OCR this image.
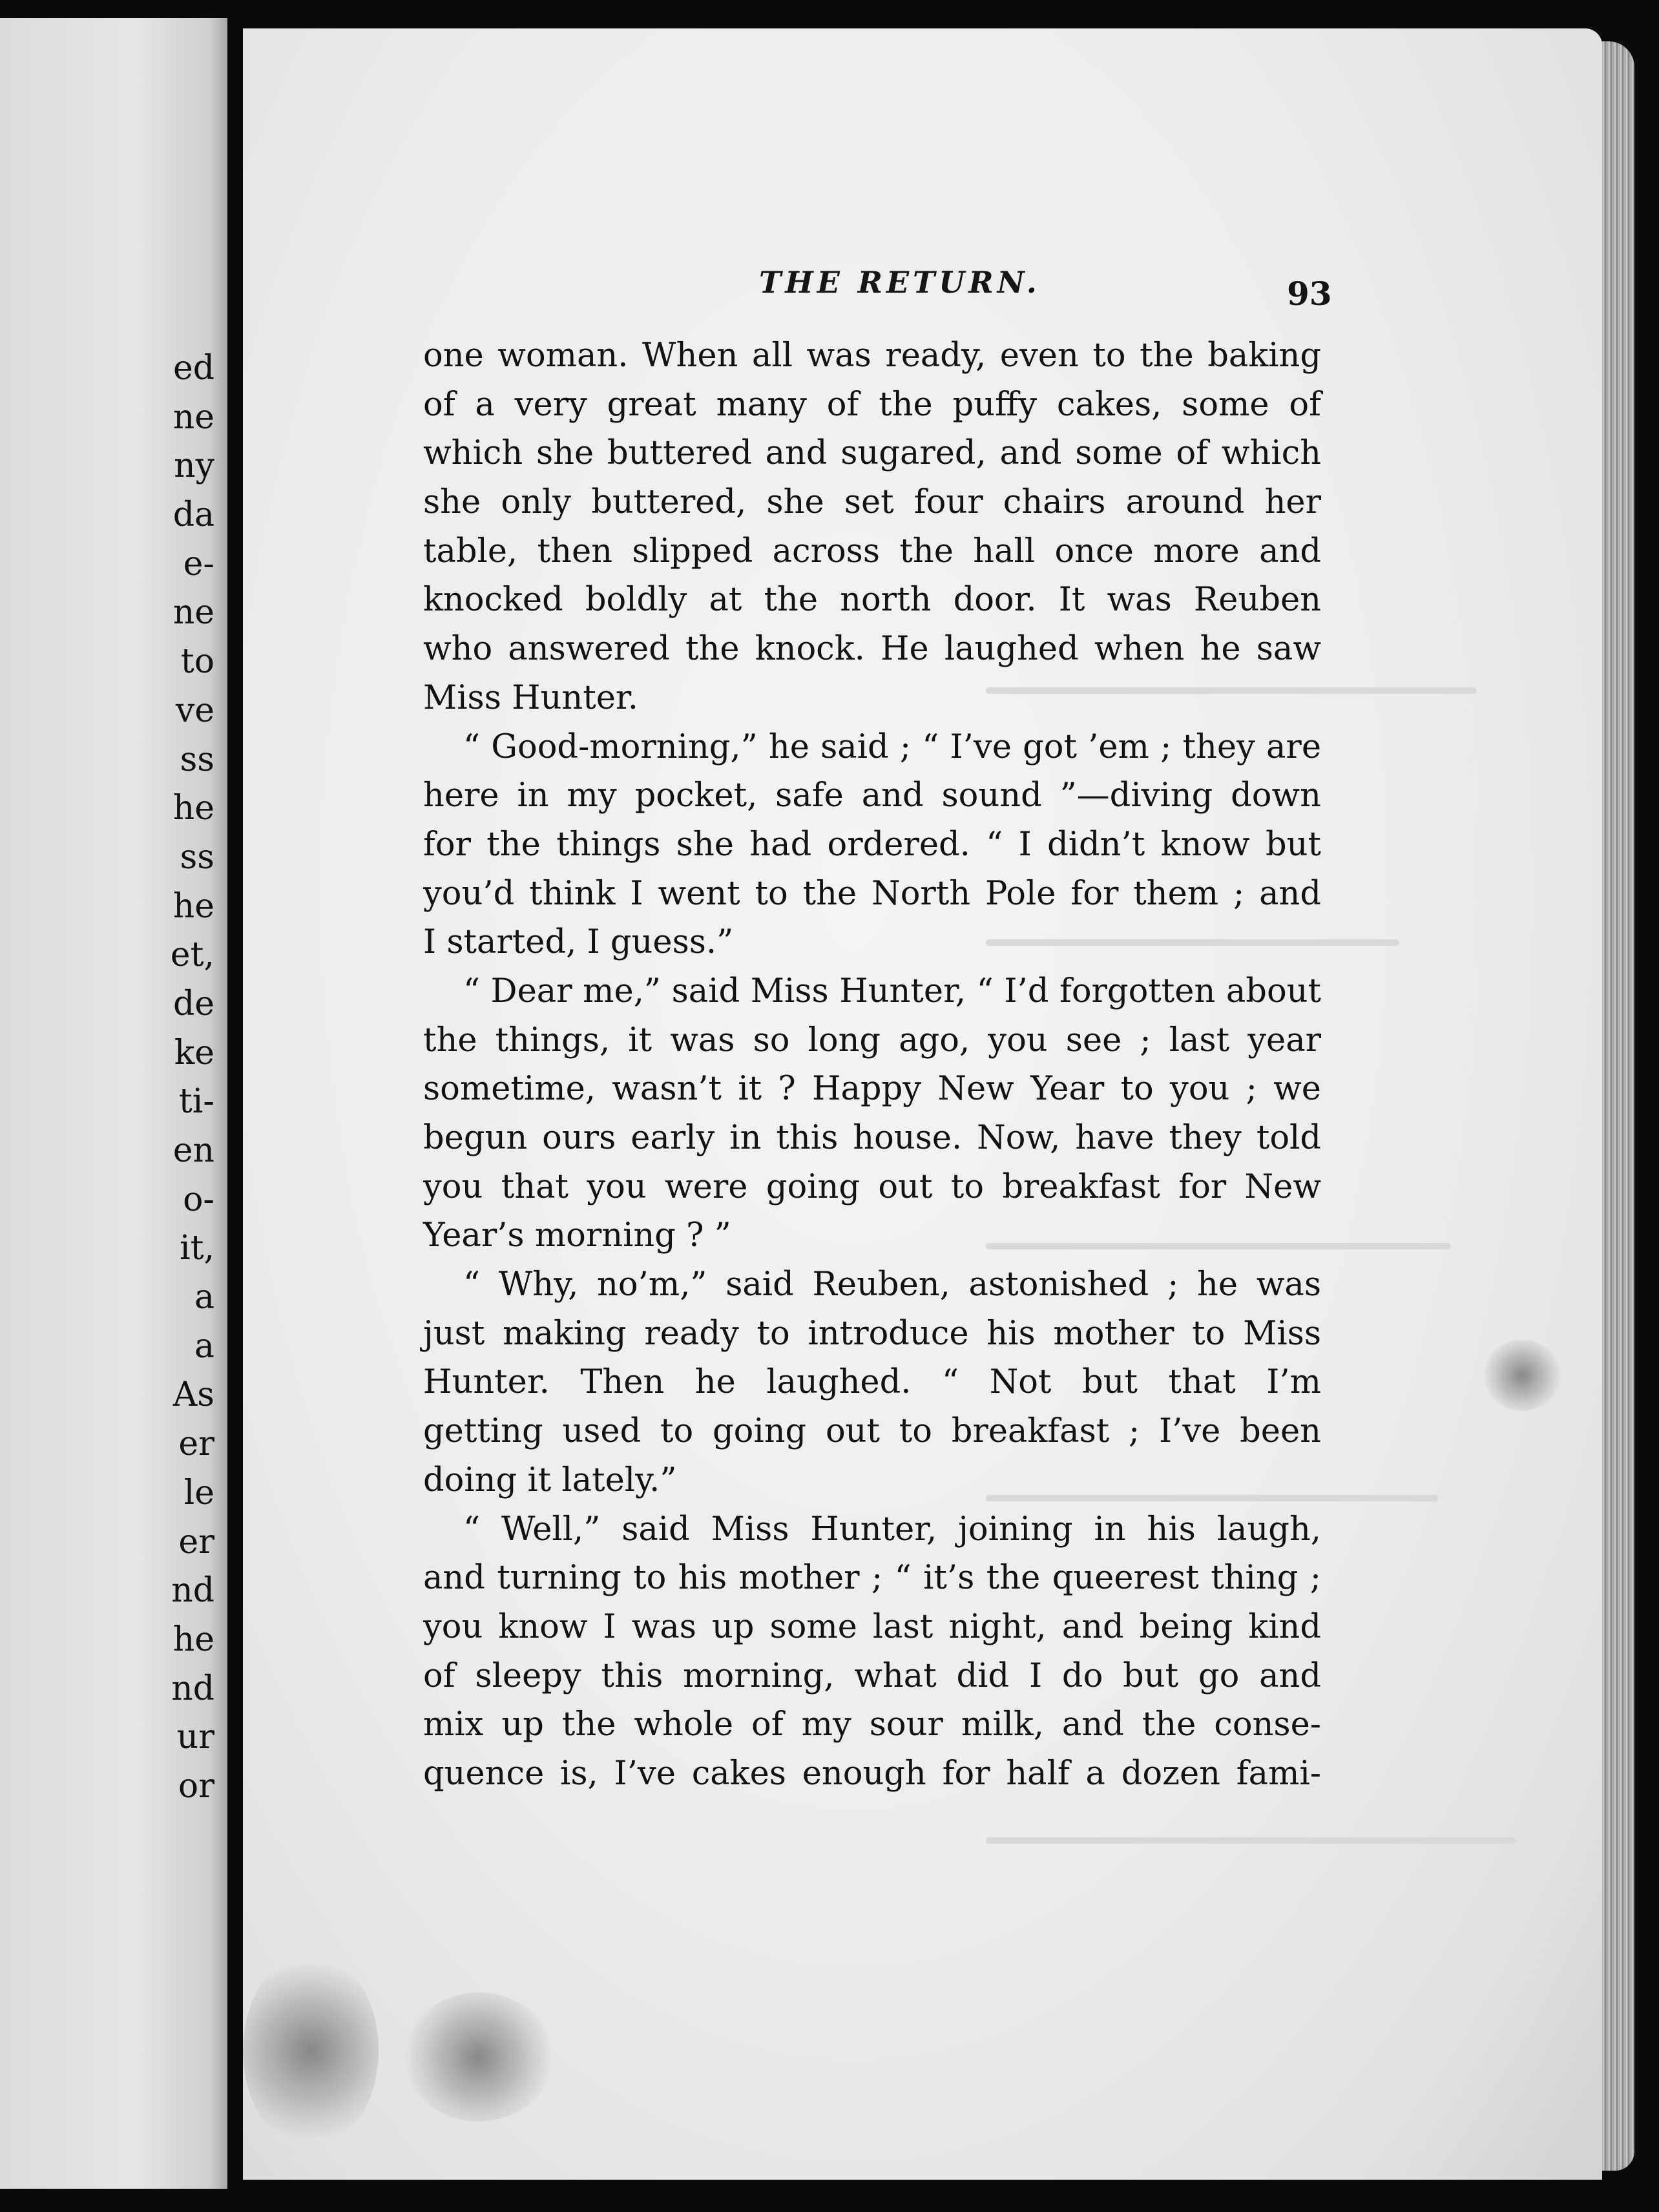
ed
ne
ny
da
e-
ne
to
ve
ss
he
ss
he
et,
de
ke
ti-
en
o-
it,
a
a
As
er
le
er
nd
he
nd
ur
or
THE RETURN.	93
one woman. When all was ready, even to the baking
of a very great many of the puffy cakes, some of
which she buttered and sugared, and some of which
she only buttered, she set four chairs around her
table, then slipped across the hall once more and
knocked boldly at the north door. It was Reuben
who answered the knock. He laughed when he saw
Miss Hunter.
“ Good-morning,” he said ; “ I’ve got ’em ; they are
here in my pocket, safe and sound ”—diving down
for the things she had ordered. “ I didn’t know but
you’d think I went to the North Pole for them ; and
I started, I guess.”
“ Dear me,” said Miss Hunter, “ I’d forgotten about
the things, it was so long ago, you see ; last year
sometime, wasn’t it ? Happy New Year to you ; we
begun ours early in this house. Now, have they told
you that you were going out to breakfast for New
Year’s morning ? ”
“ Why, no’m,” said Reuben, astonished ; he was
just making ready to introduce his mother to Miss
Hunter. Then he laughed. “ Not but that I’m
getting used to going out to breakfast ; I’ve been
doing it lately.”
“ Well,” said Miss Hunter, joining in his laugh,
and turning to his mother ; “ it’s the queerest thing ;
you know I was up some last night, and being kind
of sleepy this morning, what did I do but go and
mix up the whole of my sour milk, and the conse-
quence is, I’ve cakes enough for half a dozen fami-
